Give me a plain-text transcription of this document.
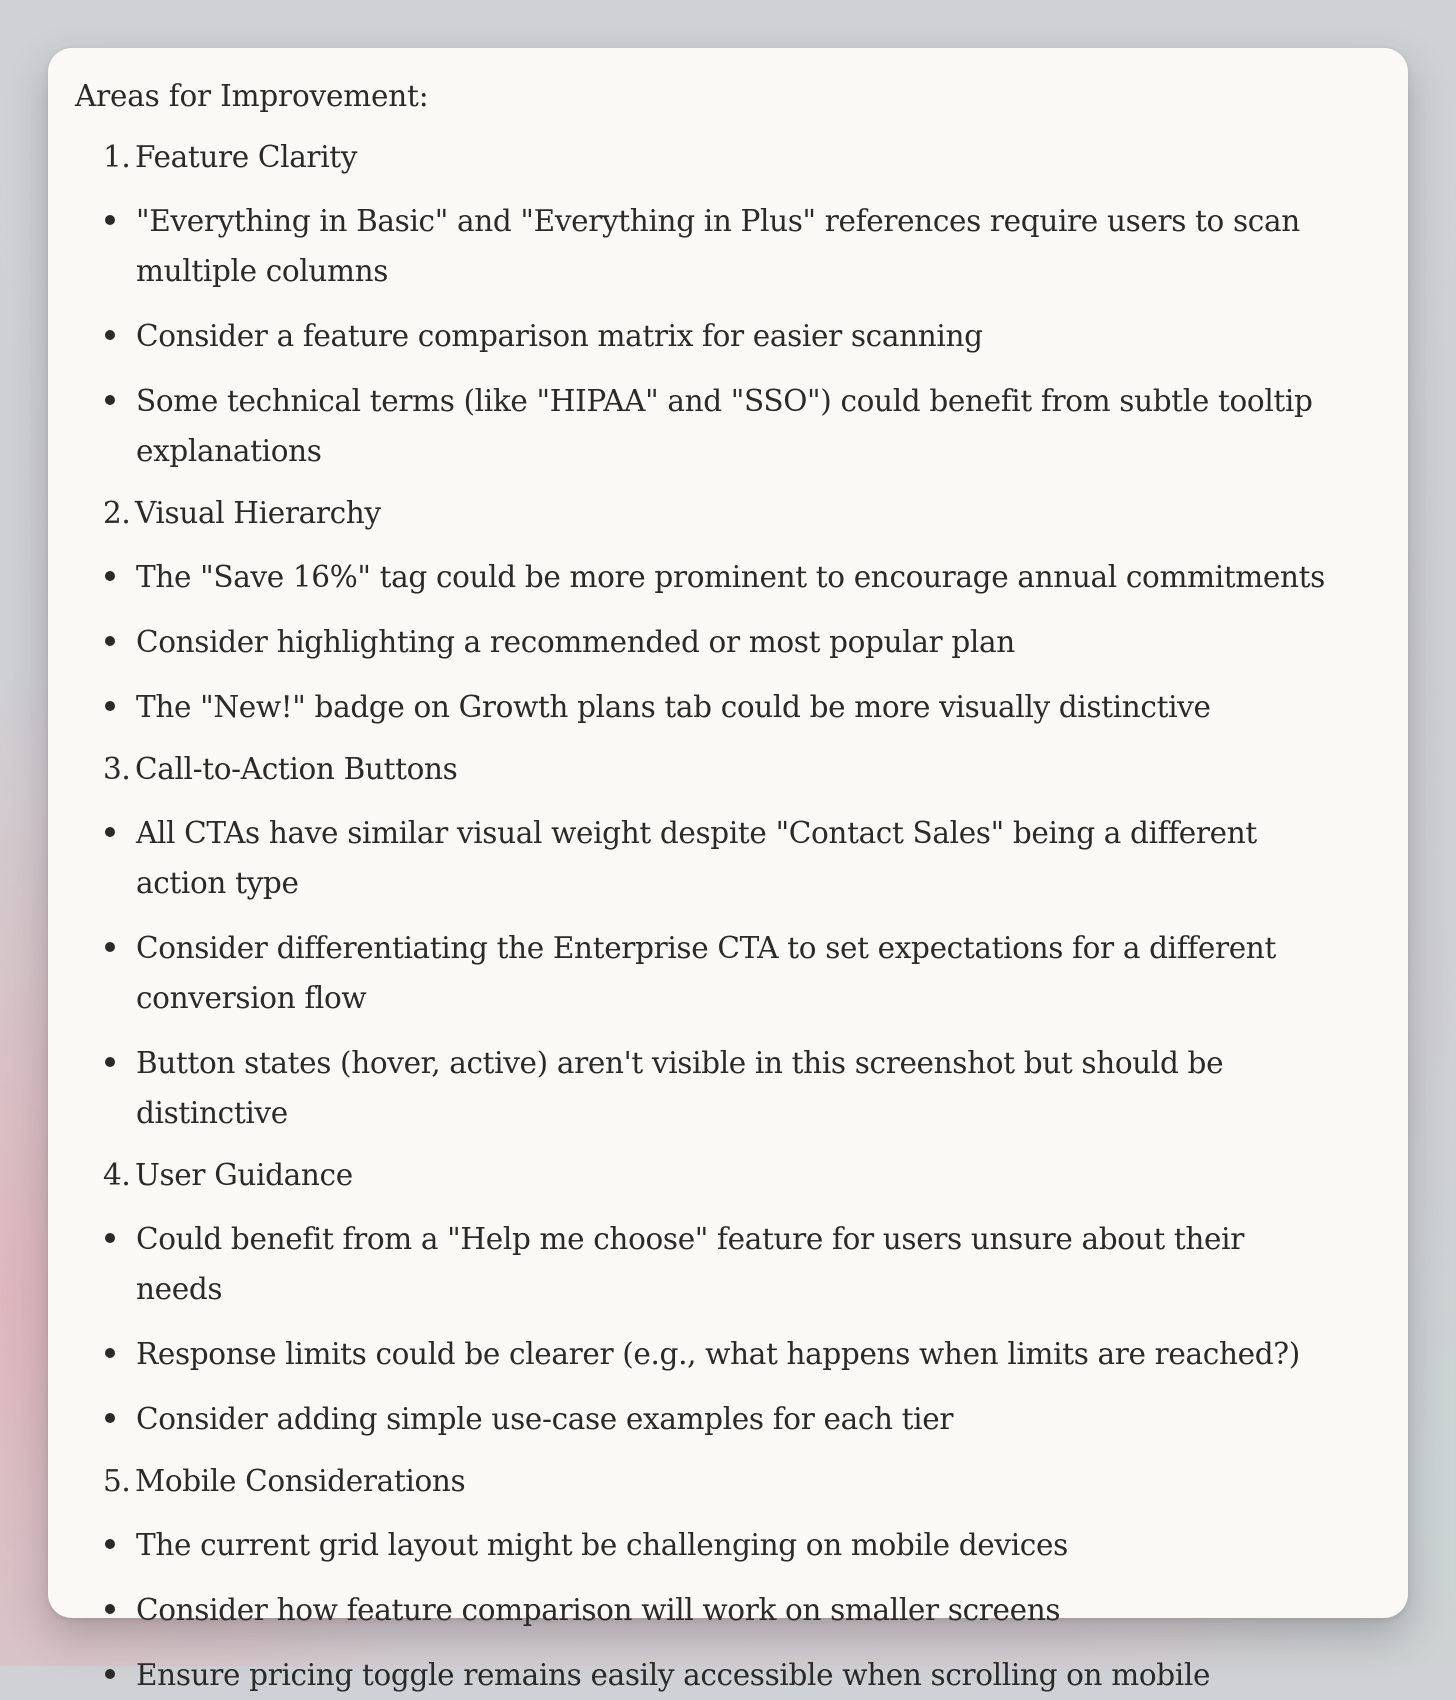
Areas for Improvement:
1. Feature Clarity
"Everything in Basic" and "Everything in Plus" references require users to scan multiple columns
Consider a feature comparison matrix for easier scanning
Some technical terms (like "HIPAA" and "SSO") could benefit from subtle tooltip explanations
2. Visual Hierarchy
The "Save 16%" tag could be more prominent to encourage annual commitments
Consider highlighting a recommended or most popular plan
The "New!" badge on Growth plans tab could be more visually distinctive
3. Call-to-Action Buttons
All CTAs have similar visual weight despite "Contact Sales" being a different action type
Consider differentiating the Enterprise CTA to set expectations for a different conversion flow
Button states (hover, active) aren't visible in this screenshot but should be distinctive
4. User Guidance
Could benefit from a "Help me choose" feature for users unsure about their needs
Response limits could be clearer (e.g., what happens when limits are reached?)
Consider adding simple use-case examples for each tier
5. Mobile Considerations
The current grid layout might be challenging on mobile devices
Consider how feature comparison will work on smaller screens
Ensure pricing toggle remains easily accessible when scrolling on mobile
